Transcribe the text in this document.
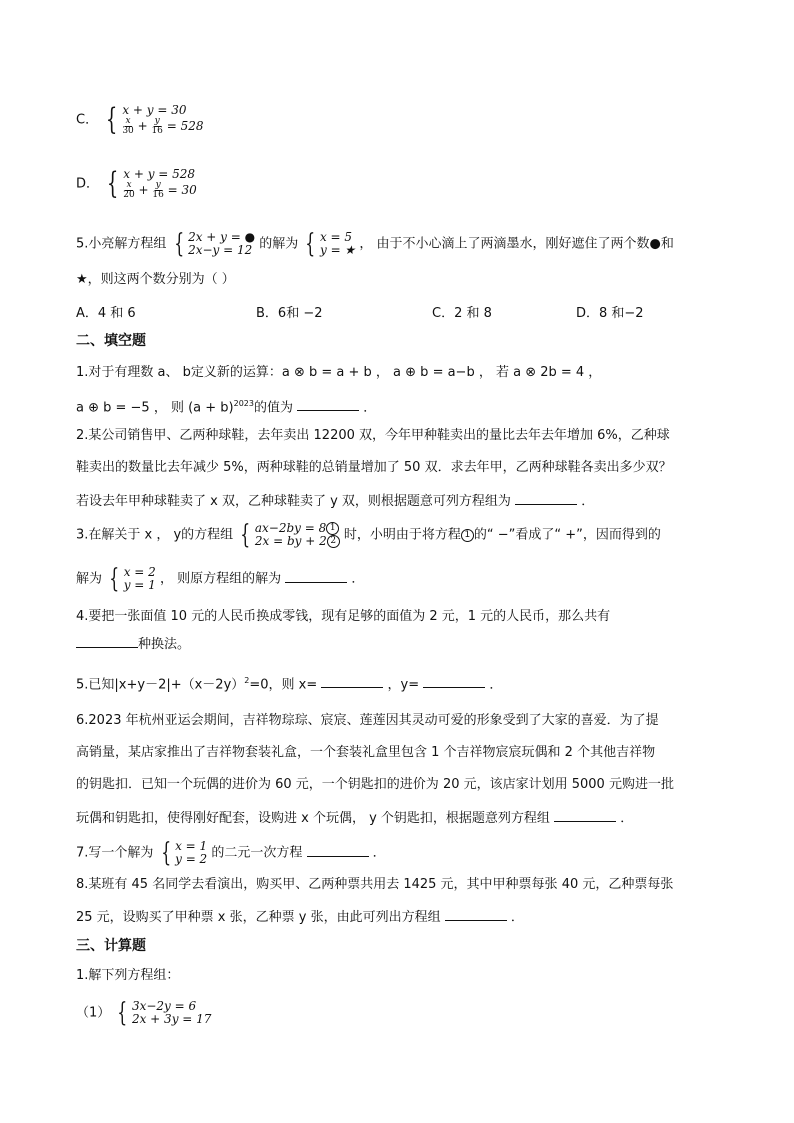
C． { x + y = 30
$\frac{x}{30} + \frac{y}{16} = 528$
D． { x + y = 528
$\frac{x}{20} + \frac{y}{16} = 30$
5.小亮解方程组 { 2x + y = ●
2x−y = 12 的解为 { x = 5
y = ★ ， 由于不小心滴上了两滴墨水，刚好遮住了两个数●和
★，则这两个数分别为（ ）
A．4 和 6	B．6和 −2	C．2 和 8	D．8 和−2
二、填空题
1.对于有理数 a、 b定义新的运算：a ⊗ b = a + b ， a ⊕ b = a−b ， 若 a ⊗ 2b = 4 ，
a ⊕ b = −5 ， 则 $(a + b)^{2023}$的值为	．
2.某公司销售甲、乙两种球鞋，去年卖出 12200 双，今年甲种鞋卖出的量比去年去年增加 6%，乙种球
鞋卖出的数量比去年减少 5%，两种球鞋的总销量增加了 50 双．求去年甲，乙两种球鞋各卖出多少双？
若设去年甲种球鞋卖了 x 双，乙种球鞋卖了 y 双，则根据题意可列方程组为	．
3.在解关于 x ， y的方程组 { ax−2by = 8 1
2x = by + 2 2 时，小明由于将方程 1 的“ −”看成了“ +”，因而得到的
解为 { x = 2
y = 1 ， 则原方程组的解为	．
4.要把一张面值 10 元的人民币换成零钱，现有足够的面值为 2 元，1 元的人民币，那么共有
种换法。
5.已知$|x+y-2|+(x-2y)^2=0$，则 x=	，y=	．
6.2023 年杭州亚运会期间，吉祥物琮琮、宸宸、莲莲因其灵动可爱的形象受到了大家的喜爱．为了提
高销量，某店家推出了吉祥物套装礼盒，一个套装礼盒里包含 1 个吉祥物宸宸玩偶和 2 个其他吉祥物
的钥匙扣．已知一个玩偶的进价为 60 元，一个钥匙扣的进价为 20 元，该店家计划用 5000 元购进一批
玩偶和钥匙扣，使得刚好配套，设购进 x 个玩偶， y 个钥匙扣，根据题意列方程组	．
7.写一个解为 { x = 1
y = 2 的二元一次方程	．
8.某班有 45 名同学去看演出，购买甲、乙两种票共用去 1425 元，其中甲种票每张 40 元，乙种票每张
25 元，设购买了甲种票 x 张，乙种票 y 张，由此可列出方程组	．
三、计算题
1.解下列方程组：
（1） { 3x−2y = 6
2x + 3y = 17
